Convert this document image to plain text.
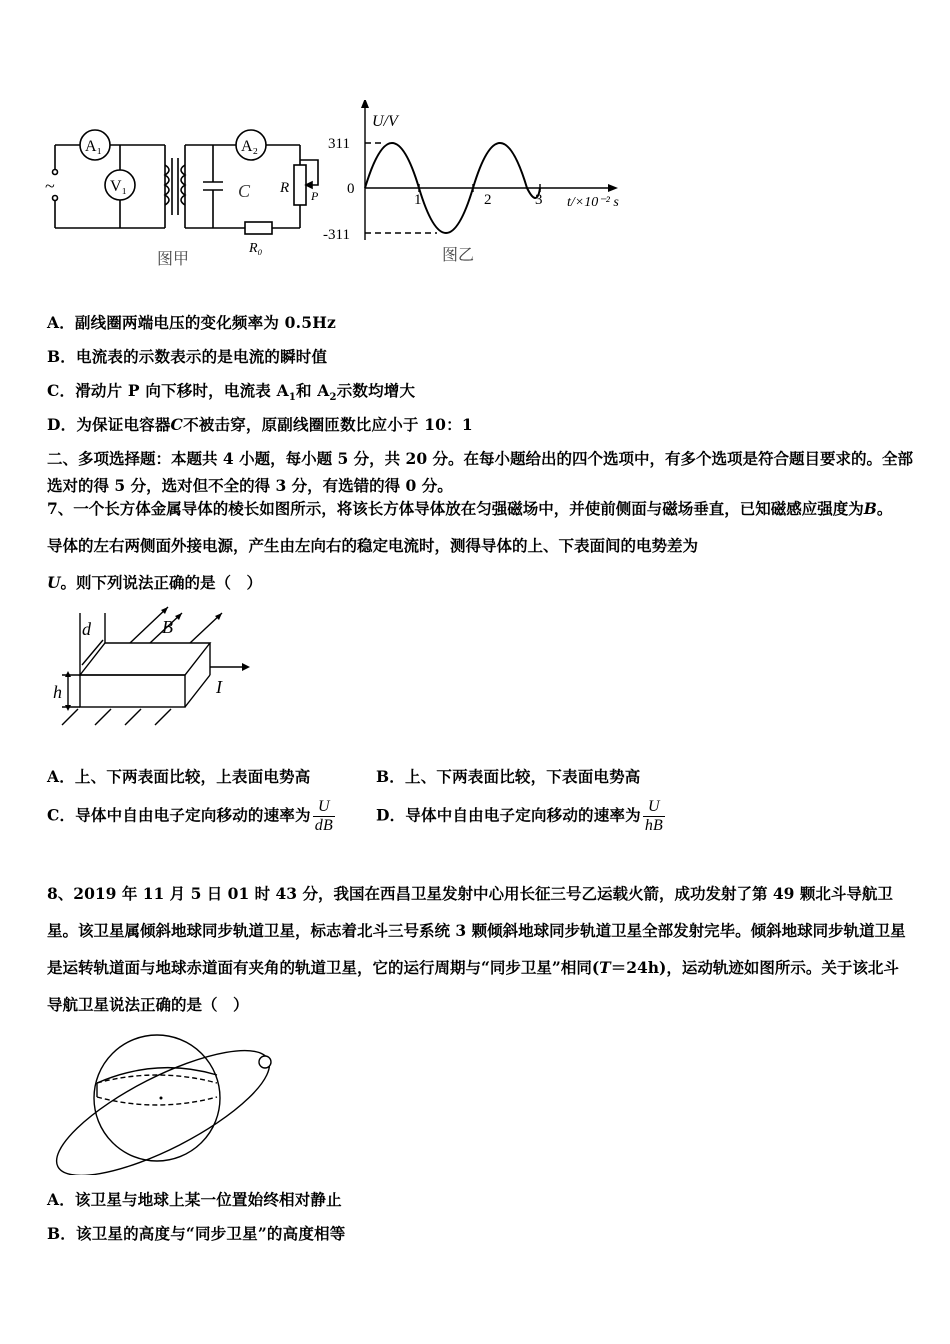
~
A₁
V₁
A₂
C R P
R₀
图甲
U/V
311
0
-311
1	2	3 t/×10⁻² s
图乙
A．副线圈两端电压的变化频率为 0.5Hz
B．电流表的示数表示的是电流的瞬时值
C．滑动片 P 向下移时，电流表 $A_1$和 $A_2$示数均增大
D．为保证电容器C不被击穿，原副线圈匝数比应小于 10：1
二、多项选择题：本题共 4 小题，每小题 5 分，共 20 分。在每小题给出的四个选项中，有多个选项是符合题目要求的。全部选对的得 5 分，选对但不全的得 3 分，有选错的得 0 分。
7、一个长方体金属导体的棱长如图所示，将该长方体导体放在匀强磁场中，并使前侧面与磁场垂直，已知磁感应强度为B。导体的左右两侧面外接电源，产生由左向右的稳定电流时，测得导体的上、下表面间的电势差为U。则下列说法正确的是（　）
d	B
h	I
A．上、下两表面比较，上表面电势高	B．上、下两表面比较，下表面电势高
C．导体中自由电子定向移动的速率为 $\frac{U}{dB}$	D．导体中自由电子定向移动的速率为 $\frac{U}{hB}$
8、2019 年 11 月 5 日 01 时 43 分，我国在西昌卫星发射中心用长征三号乙运载火箭，成功发射了第 49 颗北斗导航卫星。该卫星属倾斜地球同步轨道卫星，标志着北斗三号系统 3 颗倾斜地球同步轨道卫星全部发射完毕。倾斜地球同步轨道卫星是运转轨道面与地球赤道面有夹角的轨道卫星，它的运行周期与“同步卫星”相同(T＝24h)，运动轨迹如图所示。关于该北斗导航卫星说法正确的是（　）
A．该卫星与地球上某一位置始终相对静止
B．该卫星的高度与“同步卫星”的高度相等
